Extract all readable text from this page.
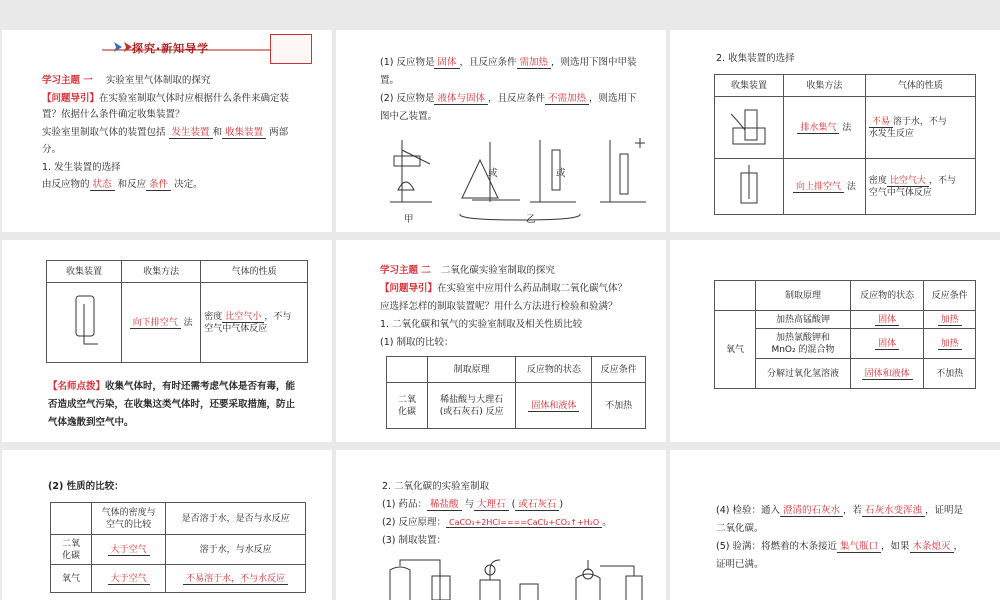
探究·新知导学
学习主题 一 实验室里气体制取的探究
【问题导引】在实验室制取气体时应根据什么条件来确定装
置？依据什么条件确定收集装置？
实验室里制取气体的装置包括 发生装置 和 收集装置 两部
分。
1. 发生装置的选择
由反应物的 状态 和反应 条件 决定。
(1) 反应物是 固体 ，且反应条件 需加热 ，则选用下图中甲装
置。
(2) 反应物是 液体与固体 ，且反应条件 不需加热 ，则选用下
图中乙装置。
或	或
甲	乙
2. 收集装置的选择
收集装置	收集方法	气体的性质
	排水集气 法	不易 溶于水，不与
水发生反应
	向上排空气 法	密度 比空气大 ，不与
空气中气体反应
收集装置	收集方法	气体的性质
	向下排空气 法	密度 比空气小 ，不与
空气中气体反应
【名师点拨】收集气体时，有时还需考虑气体是否有毒，能
否造成空气污染，在收集这类气体时，还要采取措施，防止
气体逸散到空气中。
学习主题 二 二氧化碳实验室制取的探究
【问题导引】在实验室中应用什么药品制取二氧化碳气体？
应选择怎样的制取装置呢？用什么方法进行检验和验满？
1. 二氧化碳和氧气的实验室制取及相关性质比较
(1) 制取的比较：
	制取原理	反应物的状态	反应条件
二氧
化碳	稀盐酸与大理石
(或石灰石) 反应	固体和液体	不加热
	制取原理	反应物的状态	反应条件
氧气	加热高锰酸钾	固体	加热
	加热氯酸钾和
MnO₂ 的混合物	固体	加热
	分解过氧化氢溶液	固体和液体	不加热
(2) 性质的比较：
	气体的密度与
空气的比较	是否溶于水，是否与水反应
二氧
化碳	大于空气	溶于水，与水反应
氧气	大于空气	不易溶于水，不与水反应
2. 二氧化碳的实验室制取
(1) 药品： 稀盐酸 与 大理石 ( 或石灰石 )
(2) 反应原理： CaCO₃+2HCl====CaCl₂+CO₂↑+H₂O 。
(3) 制取装置：
(4) 检验：通入 澄清的石灰水 ，若 石灰水变浑浊 ，证明是
二氧化碳。
(5) 验满：将燃着的木条接近 集气瓶口 ，如果 木条熄灭 ，
证明已满。
